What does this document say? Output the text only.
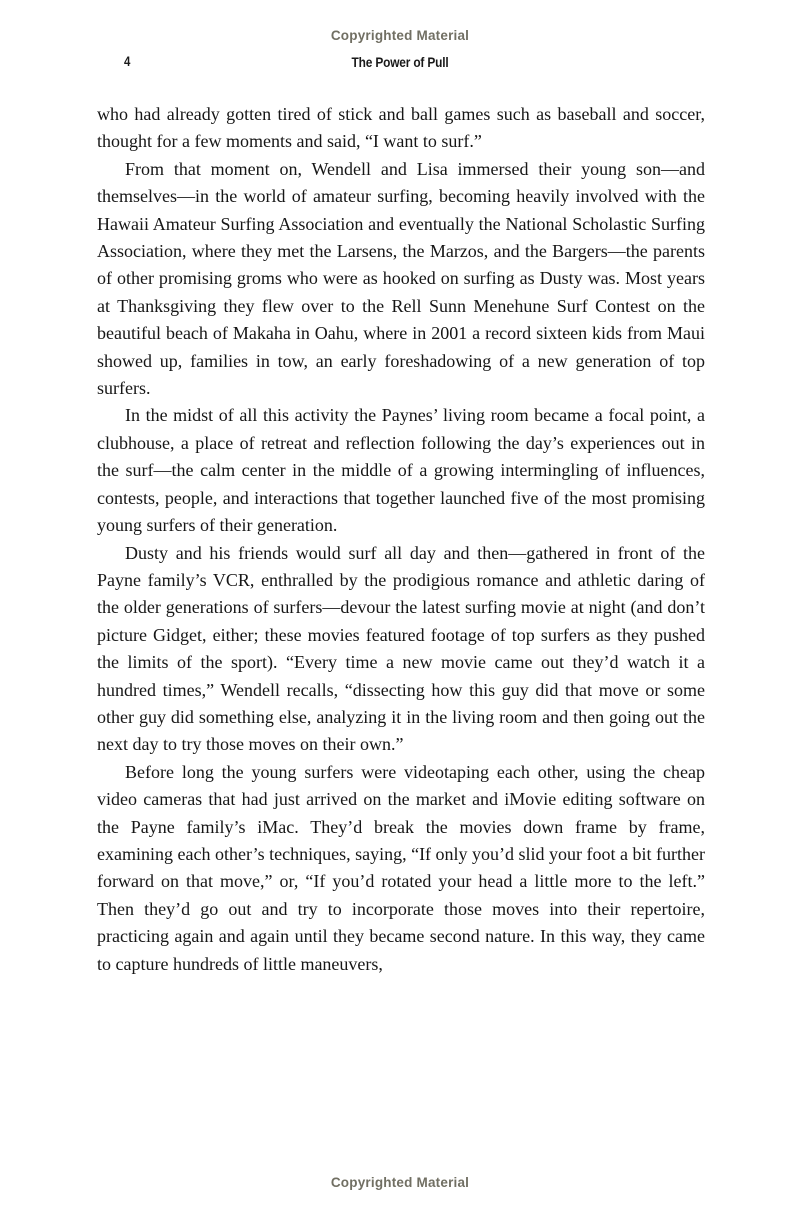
Copyrighted Material
4	The Power of Pull

who had already gotten tired of stick and ball games such as baseball and soccer, thought for a few moments and said, “I want to surf.”

From that moment on, Wendell and Lisa immersed their young son—and themselves—in the world of amateur surfing, becoming heavily involved with the Hawaii Amateur Surfing Association and eventually the National Scholastic Surfing Association, where they met the Larsens, the Marzos, and the Bargers—the parents of other promising groms who were as hooked on surfing as Dusty was. Most years at Thanksgiving they flew over to the Rell Sunn Menehune Surf Contest on the beautiful beach of Makaha in Oahu, where in 2001 a record sixteen kids from Maui showed up, families in tow, an early foreshadowing of a new generation of top surfers.

In the midst of all this activity the Paynes’ living room became a focal point, a clubhouse, a place of retreat and reflection following the day’s experiences out in the surf—the calm center in the middle of a growing intermingling of influences, contests, people, and interactions that together launched five of the most promising young surfers of their generation.

Dusty and his friends would surf all day and then—gathered in front of the Payne family’s VCR, enthralled by the prodigious romance and athletic daring of the older generations of surfers—devour the latest surfing movie at night (and don’t picture Gidget, either; these movies featured footage of top surfers as they pushed the limits of the sport). “Every time a new movie came out they’d watch it a hundred times,” Wendell recalls, “dissecting how this guy did that move or some other guy did something else, analyzing it in the living room and then going out the next day to try those moves on their own.”

Before long the young surfers were videotaping each other, using the cheap video cameras that had just arrived on the market and iMovie editing software on the Payne family’s iMac. They’d break the movies down frame by frame, examining each other’s techniques, saying, “If only you’d slid your foot a bit further forward on that move,” or, “If you’d rotated your head a little more to the left.” Then they’d go out and try to incorporate those moves into their repertoire, practicing again and again until they became second nature. In this way, they came to capture hundreds of little maneuvers,

Copyrighted Material
